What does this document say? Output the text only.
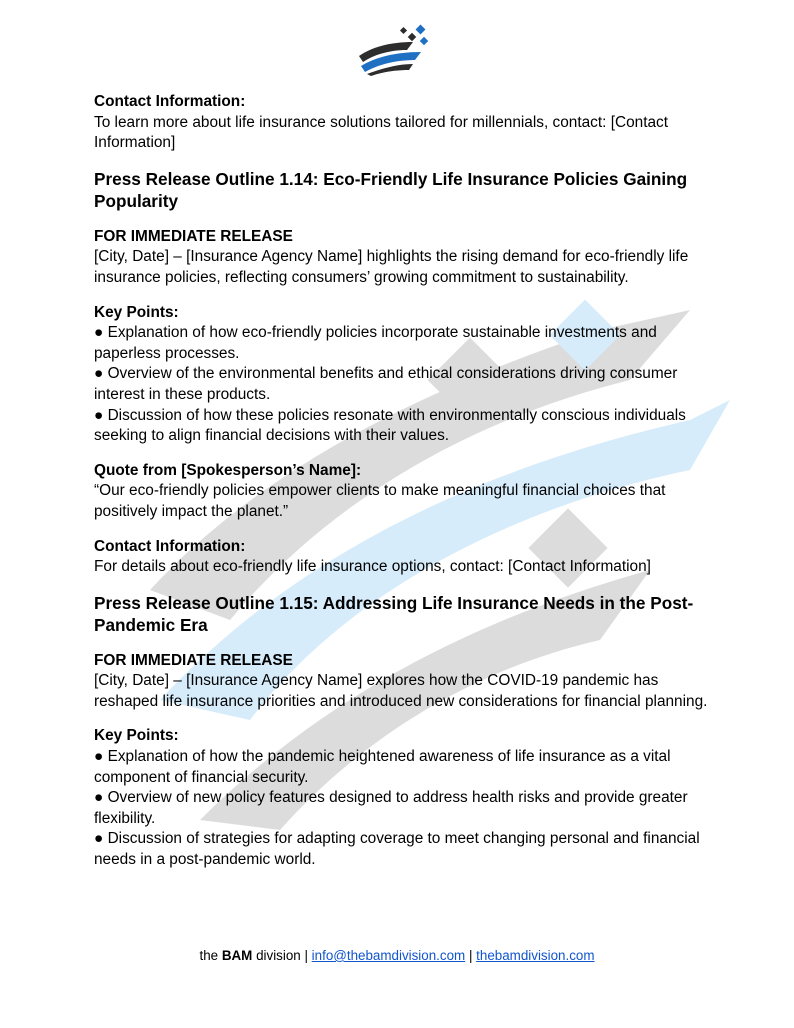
Contact Information:

To learn more about life insurance solutions tailored for millennials, contact: [Contact Information]

Press Release Outline 1.14: Eco-Friendly Life Insurance Policies Gaining Popularity

FOR IMMEDIATE RELEASE

[City, Date] – [Insurance Agency Name] highlights the rising demand for eco-friendly life insurance policies, reflecting consumers’ growing commitment to sustainability.

Key Points:

● Explanation of how eco-friendly policies incorporate sustainable investments and paperless processes.

● Overview of the environmental benefits and ethical considerations driving consumer interest in these products.

● Discussion of how these policies resonate with environmentally conscious individuals seeking to align financial decisions with their values.

Quote from [Spokesperson’s Name]:

“Our eco-friendly policies empower clients to make meaningful financial choices that positively impact the planet.”

Contact Information:

For details about eco-friendly life insurance options, contact: [Contact Information]

Press Release Outline 1.15: Addressing Life Insurance Needs in the Post-Pandemic Era

FOR IMMEDIATE RELEASE

[City, Date] – [Insurance Agency Name] explores how the COVID-19 pandemic has reshaped life insurance priorities and introduced new considerations for financial planning.

Key Points:

● Explanation of how the pandemic heightened awareness of life insurance as a vital component of financial security.

● Overview of new policy features designed to address health risks and provide greater flexibility.

● Discussion of strategies for adapting coverage to meet changing personal and financial needs in a post-pandemic world.

the BAM division | info@thebamdivision.com | thebamdivision.com
